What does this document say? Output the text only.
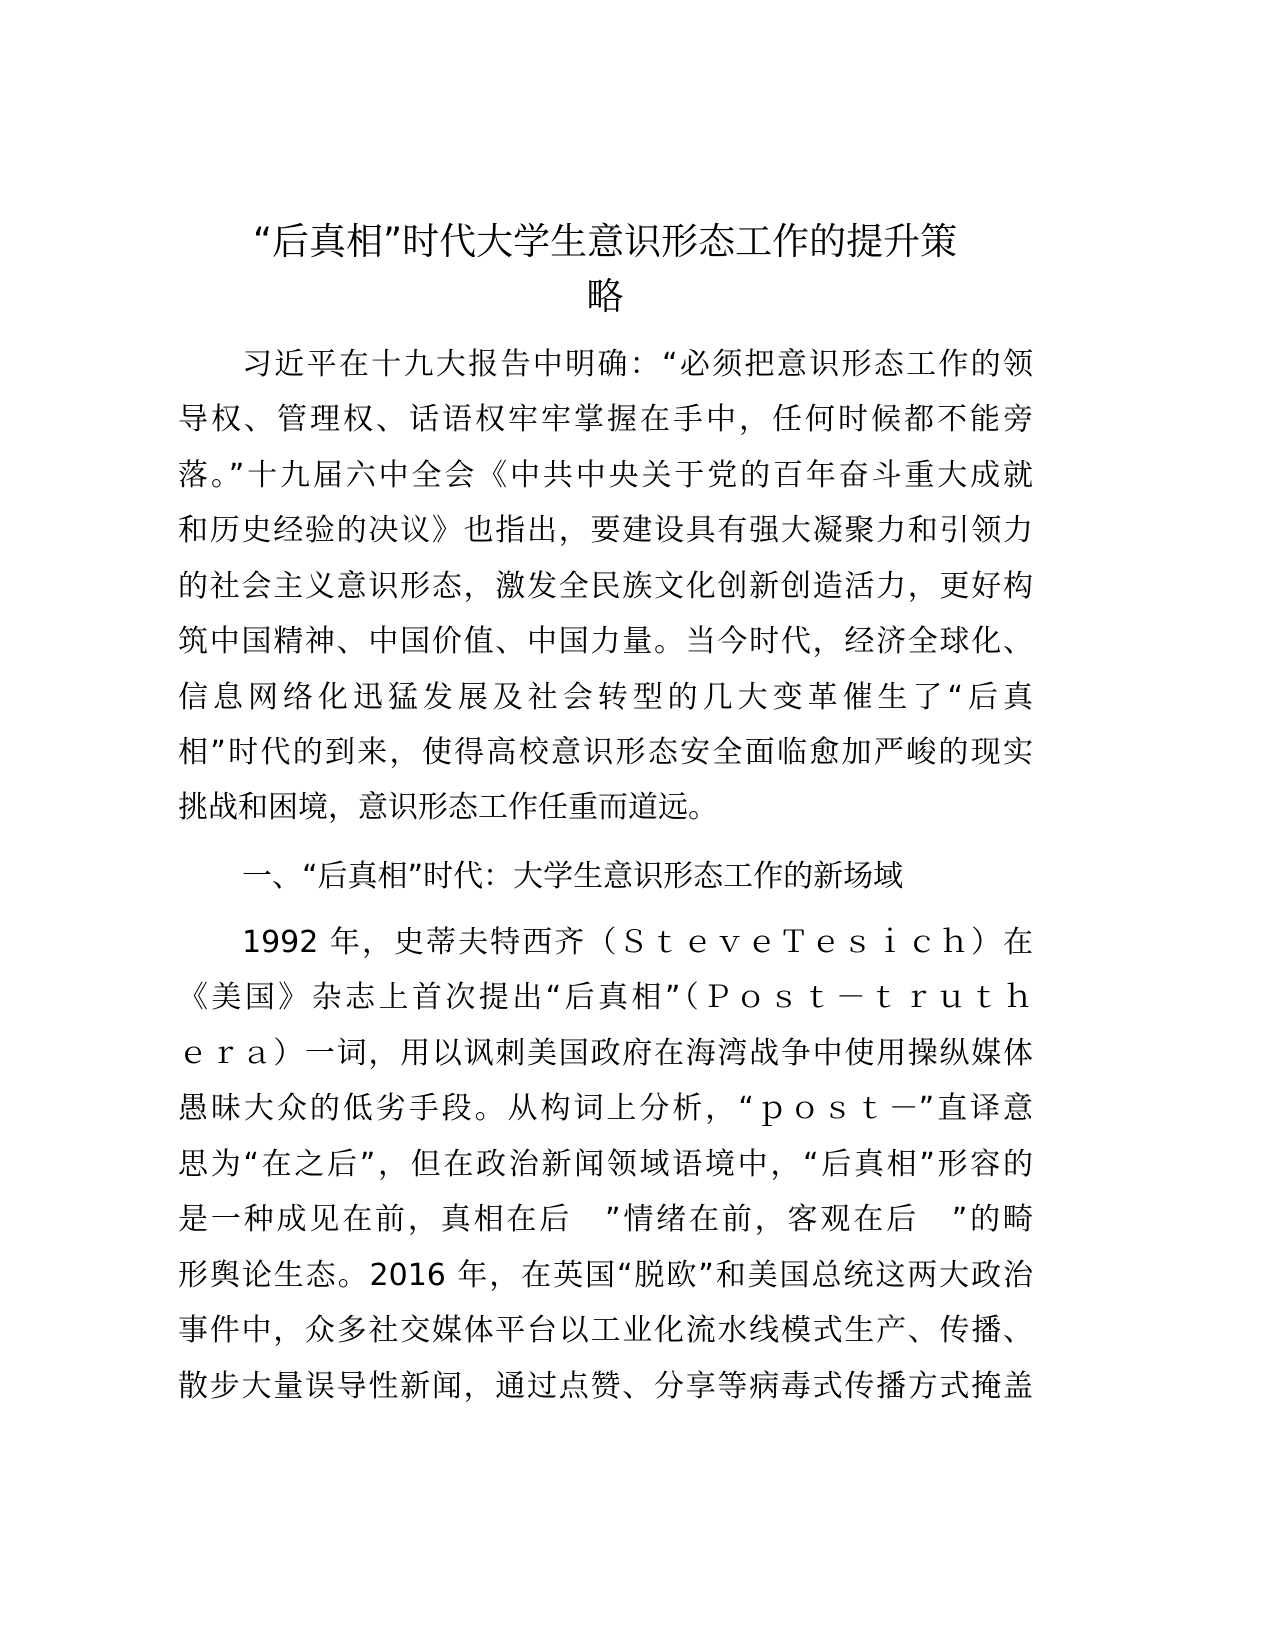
“后真相”时代大学生意识形态工作的提升策
略
习近平在十九大报告中明确：“必须把意识形态工作的领
导权、管理权、话语权牢牢掌握在手中，任何时候都不能旁
落。”十九届六中全会《中共中央关于党的百年奋斗重大成就
和历史经验的决议》也指出，要建设具有强大凝聚力和引领力
的社会主义意识形态，激发全民族文化创新创造活力，更好构
筑中国精神、中国价值、中国力量。当今时代，经济全球化、
信息网络化迅猛发展及社会转型的几大变革催生了“后真
相”时代的到来，使得高校意识形态安全面临愈加严峻的现实
挑战和困境，意识形态工作任重而道远。
一、“后真相”时代：大学生意识形态工作的新场域
1992 年，史蒂夫特西齐（ＳｔｅｖｅＴｅｓｉｃｈ）在
《美国》杂志上首次提出“后真相”（Ｐｏｓｔ－ｔｒｕｔｈ
ｅｒａ）一词，用以讽刺美国政府在海湾战争中使用操纵媒体
愚昧大众的低劣手段。从构词上分析，“ｐｏｓｔ－”直译意
思为“在之后”，但在政治新闻领域语境中，“后真相”形容的
是一种成见在前，真相在后　”情绪在前，客观在后　”的畸
形舆论生态。2016 年，在英国“脱欧”和美国总统这两大政治
事件中，众多社交媒体平台以工业化流水线模式生产、传播、
散步大量误导性新闻，通过点赞、分享等病毒式传播方式掩盖
